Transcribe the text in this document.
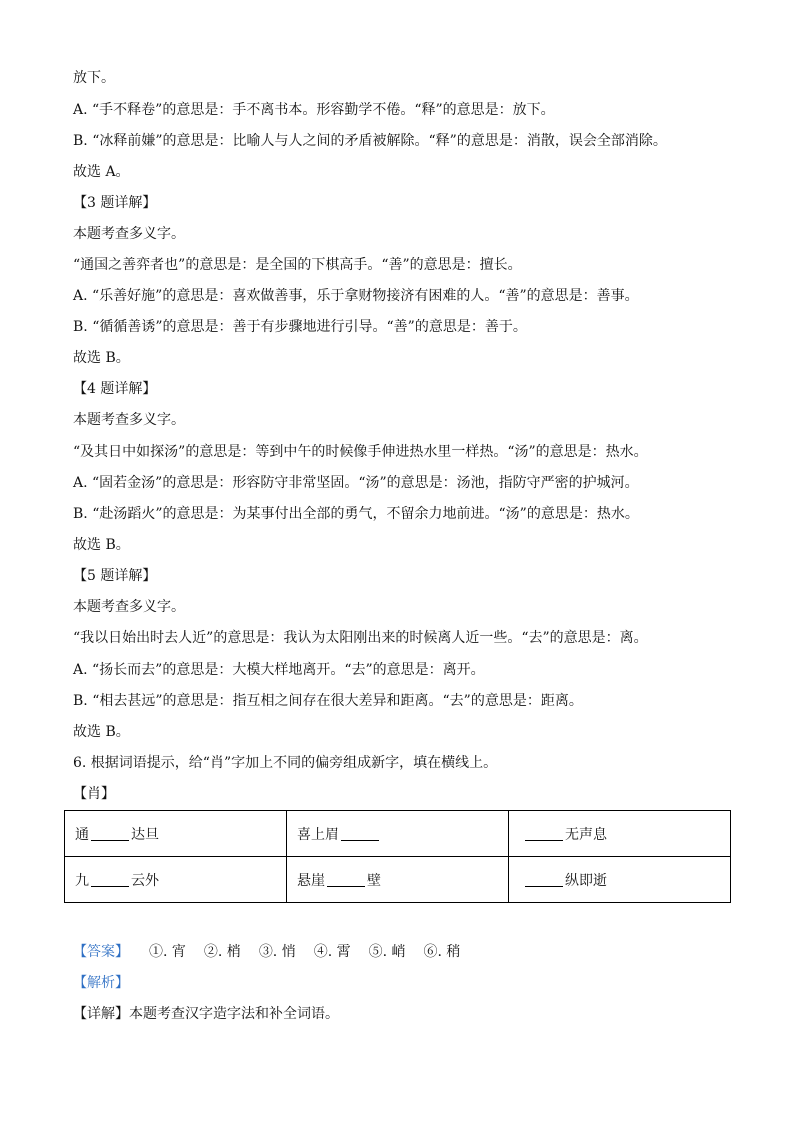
放下。
A. “手不释卷”的意思是：手不离书本。形容勤学不倦。“释”的意思是：放下。
B. “冰释前嫌”的意思是：比喻人与人之间的矛盾被解除。“释”的意思是：消散，误会全部消除。
故选 A。
【3 题详解】
本题考查多义字。
“通国之善弈者也”的意思是：是全国的下棋高手。“善”的意思是：擅长。
A. “乐善好施”的意思是：喜欢做善事，乐于拿财物接济有困难的人。“善”的意思是：善事。
B. “循循善诱”的意思是：善于有步骤地进行引导。“善”的意思是：善于。
故选 B。
【4 题详解】
本题考查多义字。
“及其日中如探汤”的意思是：等到中午的时候像手伸进热水里一样热。“汤”的意思是：热水。
A. “固若金汤”的意思是：形容防守非常坚固。“汤”的意思是：汤池，指防守严密的护城河。
B. “赴汤蹈火”的意思是：为某事付出全部的勇气，不留余力地前进。“汤”的意思是：热水。
故选 B。
【5 题详解】
本题考查多义字。
“我以日始出时去人近”的意思是：我认为太阳刚出来的时候离人近一些。“去”的意思是：离。
A. “扬长而去”的意思是：大模大样地离开。“去”的意思是：离开。
B. “相去甚远”的意思是：指互相之间存在很大差异和距离。“去”的意思是：距离。
故选 B。
6. 根据词语提示，给“肖”字加上不同的偏旁组成新字，填在横线上。
【肖】
通 达旦	喜上眉	无声息
九 云外	悬崖 壁	纵即逝
【答案】 ①. 宵 ②. 梢 ③. 悄 ④. 霄 ⑤. 峭 ⑥. 稍
【解析】
【详解】本题考查汉字造字法和补全词语。
